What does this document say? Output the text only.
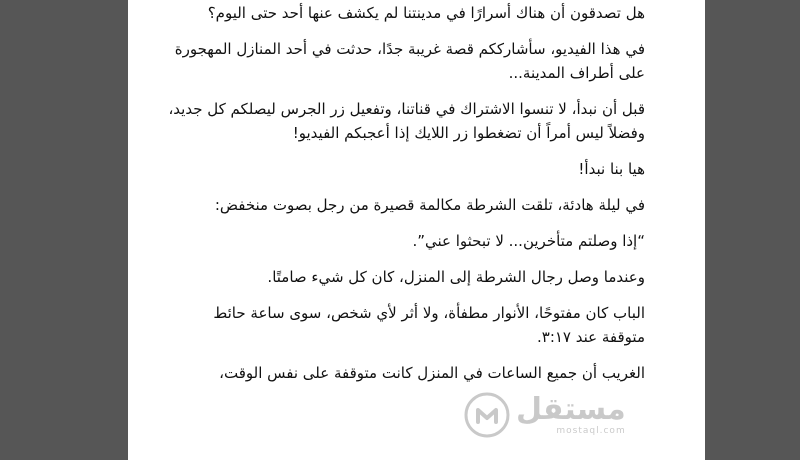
هل تصدقون أن هناك أسرارًا في مدينتنا لم يكشف عنها أحد حتى اليوم؟

في هذا الفيديو، سأشارككم قصة غريبة جدًا، حدثت في أحد المنازل المهجورة على أطراف المدينة...

قبل أن نبدأ، لا تنسوا الاشتراك في قناتنا، وتفعيل زر الجرس ليصلكم كل جديد، وفضلاً ليس أمراً أن تضغطوا زر اللايك إذا أعجبكم الفيديو!

هيا بنا نبدأ!

في ليلة هادئة، تلقت الشرطة مكالمة قصيرة من رجل بصوت منخفض:

“إذا وصلتم متأخرين... لا تبحثوا عني”.

وعندما وصل رجال الشرطة إلى المنزل، كان كل شيء صامتًا.

الباب كان مفتوحًا، الأنوار مطفأة، ولا أثر لأي شخص، سوى ساعة حائط متوقفة عند ٣:١٧.

الغريب أن جميع الساعات في المنزل كانت متوقفة على نفس الوقت،

مستقل
mostaql.com
